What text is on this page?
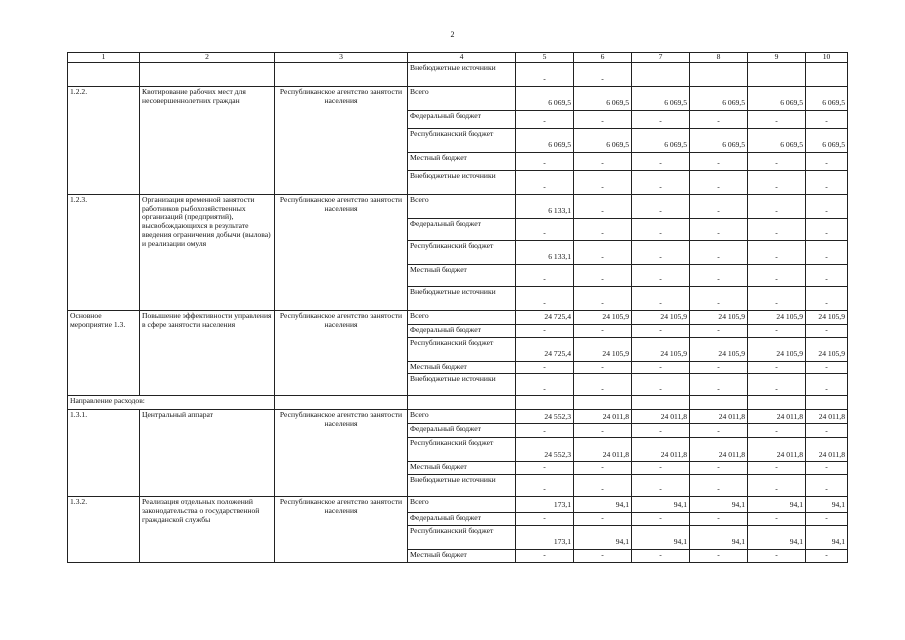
2
1	2	3	4	5	6	7	8	9	10
			Внебюджетные источники	-	-				
1.2.2.	Квотирование рабочих мест для несовершеннолетних граждан	Республиканское агентство занятости населения	Всего	6 069,5	6 069,5	6 069,5	6 069,5	6 069,5	6 069,5
			Федеральный бюджет	-	-	-	-	-	-
			Республиканский бюджет	6 069,5	6 069,5	6 069,5	6 069,5	6 069,5	6 069,5
			Местный бюджет	-	-	-	-	-	-
			Внебюджетные источники	-	-	-	-	-	-
1.2.3.	Организация временной занятости работников рыбохозяйственных организаций (предприятий), высвобождающихся в результате введения ограничения добычи (вылова) и реализации омуля	Республиканское агентство занятости населения	Всего	6 133,1	-	-	-	-	-
			Федеральный бюджет	-	-	-	-	-	-
			Республиканский бюджет	6 133,1	-	-	-	-	-
			Местный бюджет	-	-	-	-	-	-
			Внебюджетные источники	-	-	-	-	-	-
Основное мероприятие 1.3.	Повышение эффективности управления в сфере занятости населения	Республиканское агентство занятости населения	Всего	24 725,4	24 105,9	24 105,9	24 105,9	24 105,9	24 105,9
			Федеральный бюджет	-	-	-	-	-	-
			Республиканский бюджет	24 725,4	24 105,9	24 105,9	24 105,9	24 105,9	24 105,9
			Местный бюджет	-	-	-	-	-	-
			Внебюджетные источники	-	-	-	-	-	-
Направление расходов:									
1.3.1.	Центральный аппарат	Республиканское агентство занятости населения	Всего	24 552,3	24 011,8	24 011,8	24 011,8	24 011,8	24 011,8
			Федеральный бюджет	-	-	-	-	-	-
			Республиканский бюджет	24 552,3	24 011,8	24 011,8	24 011,8	24 011,8	24 011,8
			Местный бюджет	-	-	-	-	-	-
			Внебюджетные источники	-	-	-	-	-	-
1.3.2.	Реализация отдельных положений законодательства о государственной гражданской службы	Республиканское агентство занятости населения	Всего	173,1	94,1	94,1	94,1	94,1	94,1
			Федеральный бюджет	-	-	-	-	-	-
			Республиканский бюджет	173,1	94,1	94,1	94,1	94,1	94,1
			Местный бюджет	-	-	-	-	-	-
